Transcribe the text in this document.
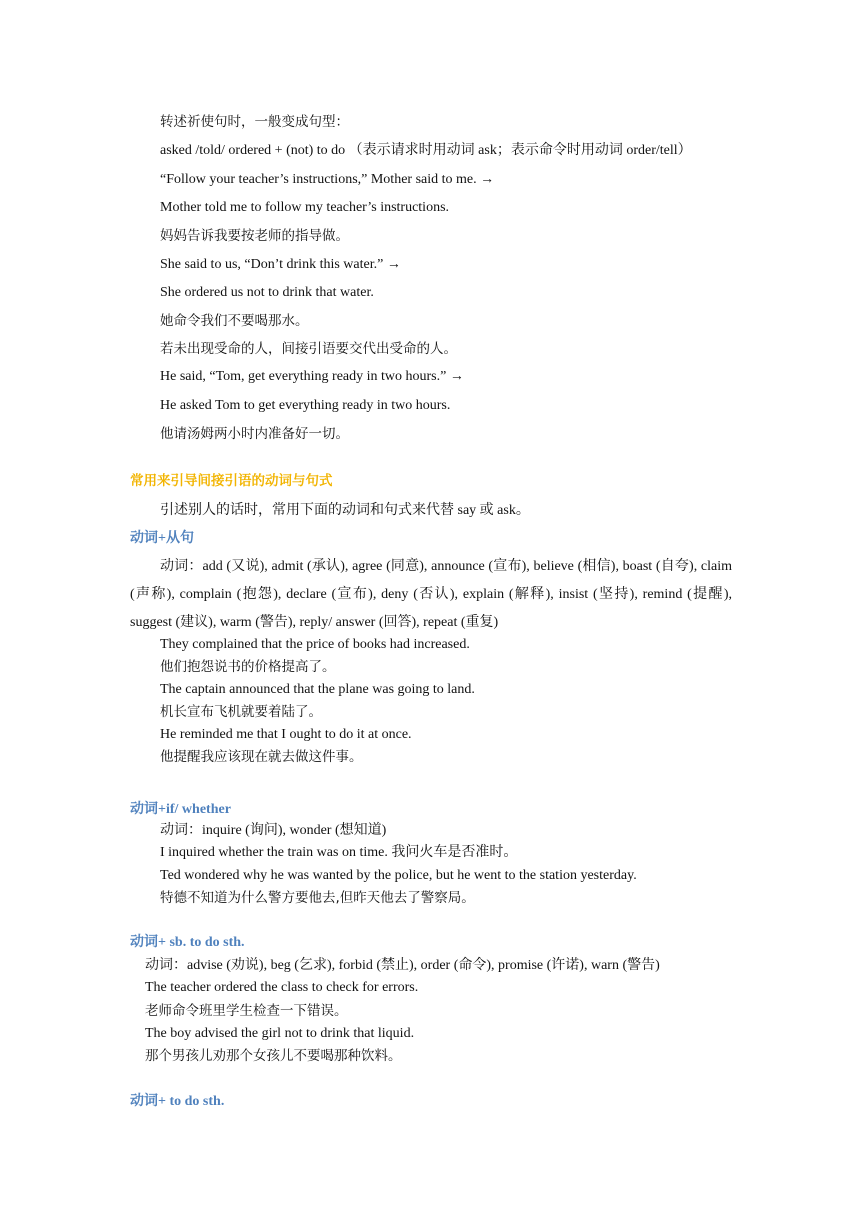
转述祈使句时，一般变成句型：
asked /told/ ordered + (not) to do （表示请求时用动词 ask；表示命令时用动词 order/tell）
“Follow your teacher’s instructions,” Mother said to me. →
Mother told me to follow my teacher’s instructions.
妈妈告诉我要按老师的指导做。
She said to us, “Don’t drink this water.” →
She ordered us not to drink that water.
她命令我们不要喝那水。
若未出现受命的人，间接引语要交代出受命的人。
He said, “Tom, get everything ready in two hours.” →
He asked Tom to get everything ready in two hours.
他请汤姆两小时内准备好一切。
常用来引导间接引语的动词与句式
引述别人的话时，常用下面的动词和句式来代替 say 或 ask。
动词+从句
动词：add (又说), admit (承认), agree (同意), announce (宣布), believe (相信), boast (自夸), claim (声称), complain (抱怨), declare (宣布), deny (否认), explain (解释), insist (坚持), remind (提醒), suggest (建议), warm (警告), reply/ answer (回答), repeat (重复)
They complained that the price of books had increased.
他们抱怨说书的价格提高了。
The captain announced that the plane was going to land.
机长宣布飞机就要着陆了。
He reminded me that I ought to do it at once.
他提醒我应该现在就去做这件事。
动词+if/ whether
动词：inquire (询问), wonder (想知道)
I inquired whether the train was on time. 我问火车是否准时。
Ted wondered why he was wanted by the police, but he went to the station yesterday.
特德不知道为什么警方要他去,但昨天他去了警察局。
动词+ sb. to do sth.
动词：advise (劝说), beg (乞求), forbid (禁止), order (命令), promise (许诺), warn (警告)
The teacher ordered the class to check for errors.
老师命令班里学生检查一下错误。
The boy advised the girl not to drink that liquid.
那个男孩儿劝那个女孩儿不要喝那种饮料。
动词+ to do sth.
